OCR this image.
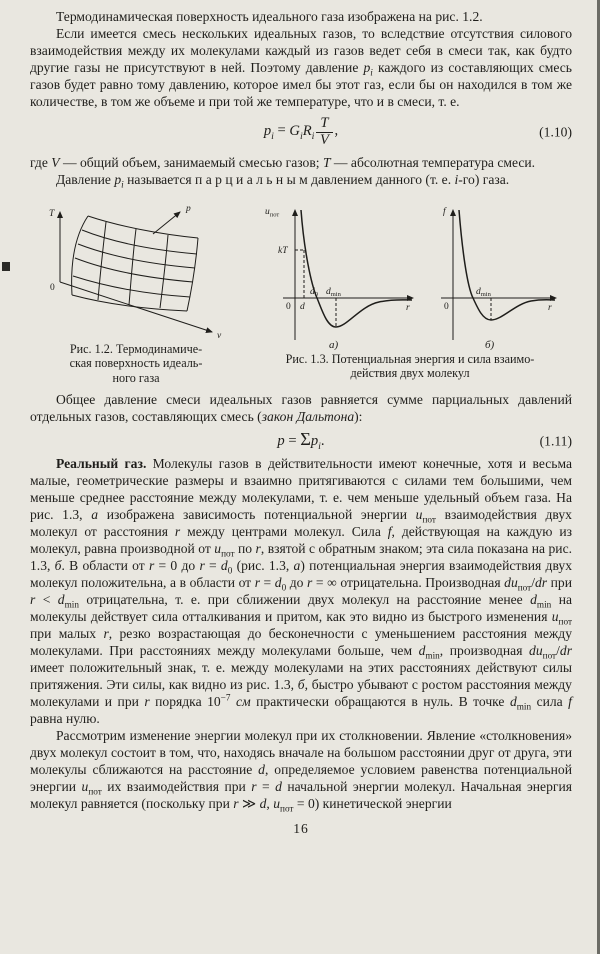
Термодинамическая поверхность идеального газа изображена на рис. 1.2.

Если имеется смесь нескольких идеальных газов, то вследствие отсутствия силового взаимодействия между их молекулами каждый из газов ведет себя в смеси так, как будто другие газы не присутствуют в ней. Поэтому давление $p_i$ каждого из составляющих смесь газов будет равно тому давлению, которое имел бы этот газ, если бы он находился в том же количестве, в том же объеме и при той же температуре, что и в смеси, т. е.

$p_i = G_iR_i \frac{T}{V}$ ,	(1.10)

где V — общий объем, занимаемый смесью газов; T — абсолютная температура смеси.

Давление $p_i$ называется п а р ц и а л ь н ы м давлением данного (т. е. i-го) газа.

T	p
v
0
Рис. 1.2. Термодинамиче-
ская поверхность идеаль-
ного газа
$u_{пот}$
kT
0 d
$d_0$ $d_{min}$
r
а)
f
0
$d_{min}$
r
б)
Рис. 1.3. Потенциальная энергия и сила взаимо-
действия двух молекул

Общее давление смеси идеальных газов равняется сумме парциальных давлений отдельных газов, составляющих смесь (закон Дальтона):

$p = \Sigma p_i$.	(1.11)

Реальный газ. Молекулы газов в действительности имеют конечные, хотя и весьма малые, геометрические размеры и взаимно притягиваются с силами тем большими, чем меньше среднее расстояние между молекулами, т. е. чем меньше удельный объем газа. На рис. 1.3, а изображена зависимость потенциальной энергии $u_{пот}$ взаимодействия двух молекул от расстояния r между центрами молекул. Сила f, действующая на каждую из молекул, равна производной от $u_{пот}$ по r, взятой с обратным знаком; эта сила показана на рис. 1.3, б. В области от r = 0 до $r = d_0$ (рис. 1.3, а) потенциальная энергия взаимодействия двух молекул положительна, а в области от $r = d_0$ до r = ∞ отрицательна. Производная $du_{пот}/dr$ при $r < d_{min}$ отрицательна, т. е. при сближении двух молекул на расстояние менее $d_{min}$ на молекулы действует сила отталкивания и притом, как это видно из быстрого изменения $u_{пот}$ при малых r, резко возрастающая до бесконечности с уменьшением расстояния между молекулами. При расстояниях между молекулами больше, чем $d_{min}$, производная $du_{пот}/dr$ имеет положительный знак, т. е. между молекулами на этих расстояниях действуют силы притяжения. Эти силы, как видно из рис. 1.3, б, быстро убывают с ростом расстояния между молекулами и при r порядка $10^{-7}$ см практически обращаются в нуль. В точке $d_{min}$ сила f равна нулю.

Рассмотрим изменение энергии молекул при их столкновении. Явление «столкновения» двух молекул состоит в том, что, находясь вначале на большом расстоянии друг от друга, эти молекулы сближаются на расстояние d, определяемое условием равенства потенциальной энергии $u_{пот}$ их взаимодействия при r = d начальной энергии молекул. Начальная энергия молекул равняется (поскольку при r ≫ d, $u_{пот} = 0$) кинетической энергии

16
